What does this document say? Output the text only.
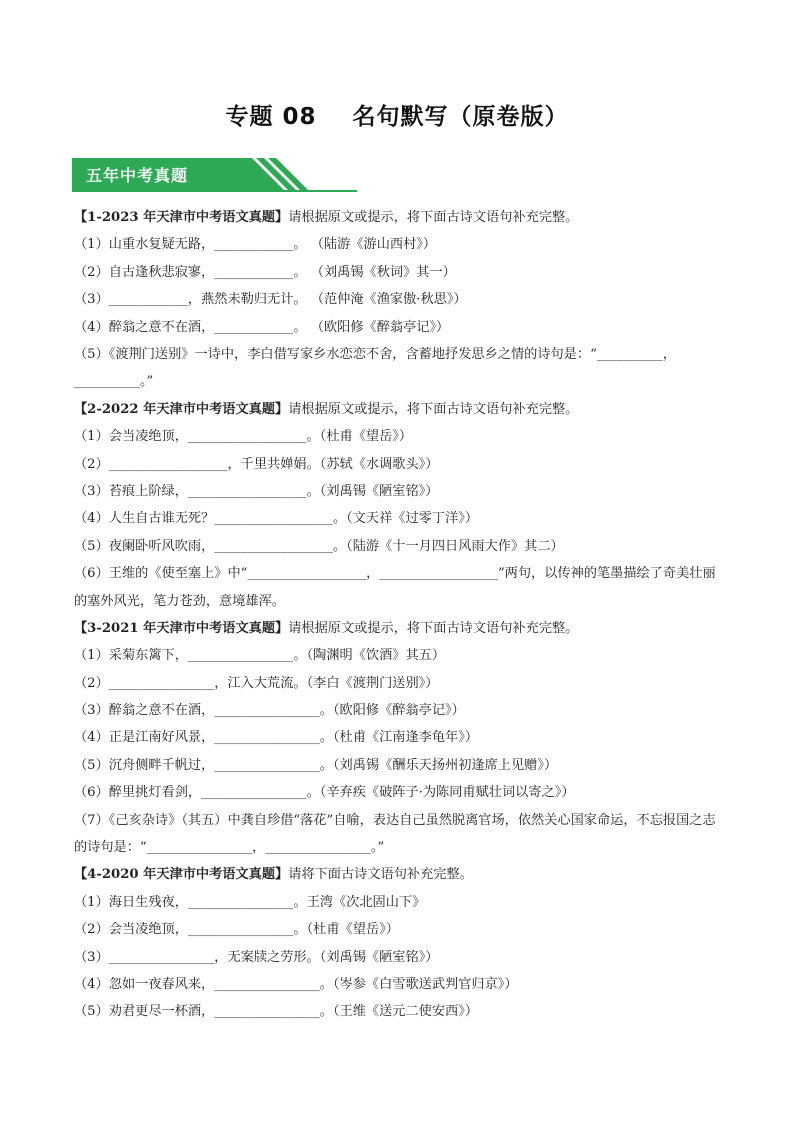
专题 08    名句默写（原卷版）
五年中考真题
【1-2023 年天津市中考语文真题】请根据原文或提示，将下面古诗文语句补充完整。
（1）山重水复疑无路，____________。 （陆游《游山西村》）
（2）自古逢秋悲寂寥，____________。 （刘禹锡《秋词》其一）
（3）____________，燕然未勒归无计。 （范仲淹《渔家傲·秋思》）
（4）醉翁之意不在酒，____________。 （欧阳修《醉翁亭记》）
（5）《渡荆门送别》一诗中，李白借写家乡水恋恋不舍，含蓄地抒发思乡之情的诗句是：“__________，__________。”
【2-2022 年天津市中考语文真题】请根据原文或提示，将下面古诗文语句补充完整。
（1）会当凌绝顶，__________________。（杜甫《望岳》）
（2）__________________，千里共婵娟。（苏轼《水调歌头》）
（3）苔痕上阶绿，__________________。（刘禹锡《陋室铭》）
（4）人生自古谁无死？__________________。（文天祥《过零丁洋》）
（5）夜阑卧听风吹雨，__________________。（陆游《十一月四日风雨大作》其二）
（6）王维的《使至塞上》中“__________________，__________________”两句，以传神的笔墨描绘了奇美壮丽的塞外风光，笔力苍劲，意境雄浑。
【3-2021 年天津市中考语文真题】请根据原文或提示，将下面古诗文语句补充完整。
（1）采菊东篱下，________________。（陶渊明《饮酒》其五）
（2）________________，江入大荒流。（李白《渡荆门送别》）
（3）醉翁之意不在酒，________________。（欧阳修《醉翁亭记》）
（4）正是江南好风景，________________。（杜甫《江南逢李龟年》）
（5）沉舟侧畔千帆过，________________。（刘禹锡《酬乐天扬州初逢席上见赠》）
（6）醉里挑灯看剑，________________。（辛弃疾《破阵子·为陈同甫赋壮词以寄之》）
（7）《己亥杂诗》（其五）中龚自珍借“落花”自喻，表达自己虽然脱离官场，依然关心国家命运，不忘报国之志的诗句是：“________________，________________。”
【4-2020 年天津市中考语文真题】请将下面古诗文语句补充完整。
（1）海日生残夜，________________。王湾《次北固山下》
（2）会当凌绝顶，________________。（杜甫《望岳》）
（3）________________，无案牍之劳形。（刘禹锡《陋室铭》）
（4）忽如一夜春风来，________________。（岑参《白雪歌送武判官归京》）
（5）劝君更尽一杯酒，________________。（王维《送元二使安西》）
